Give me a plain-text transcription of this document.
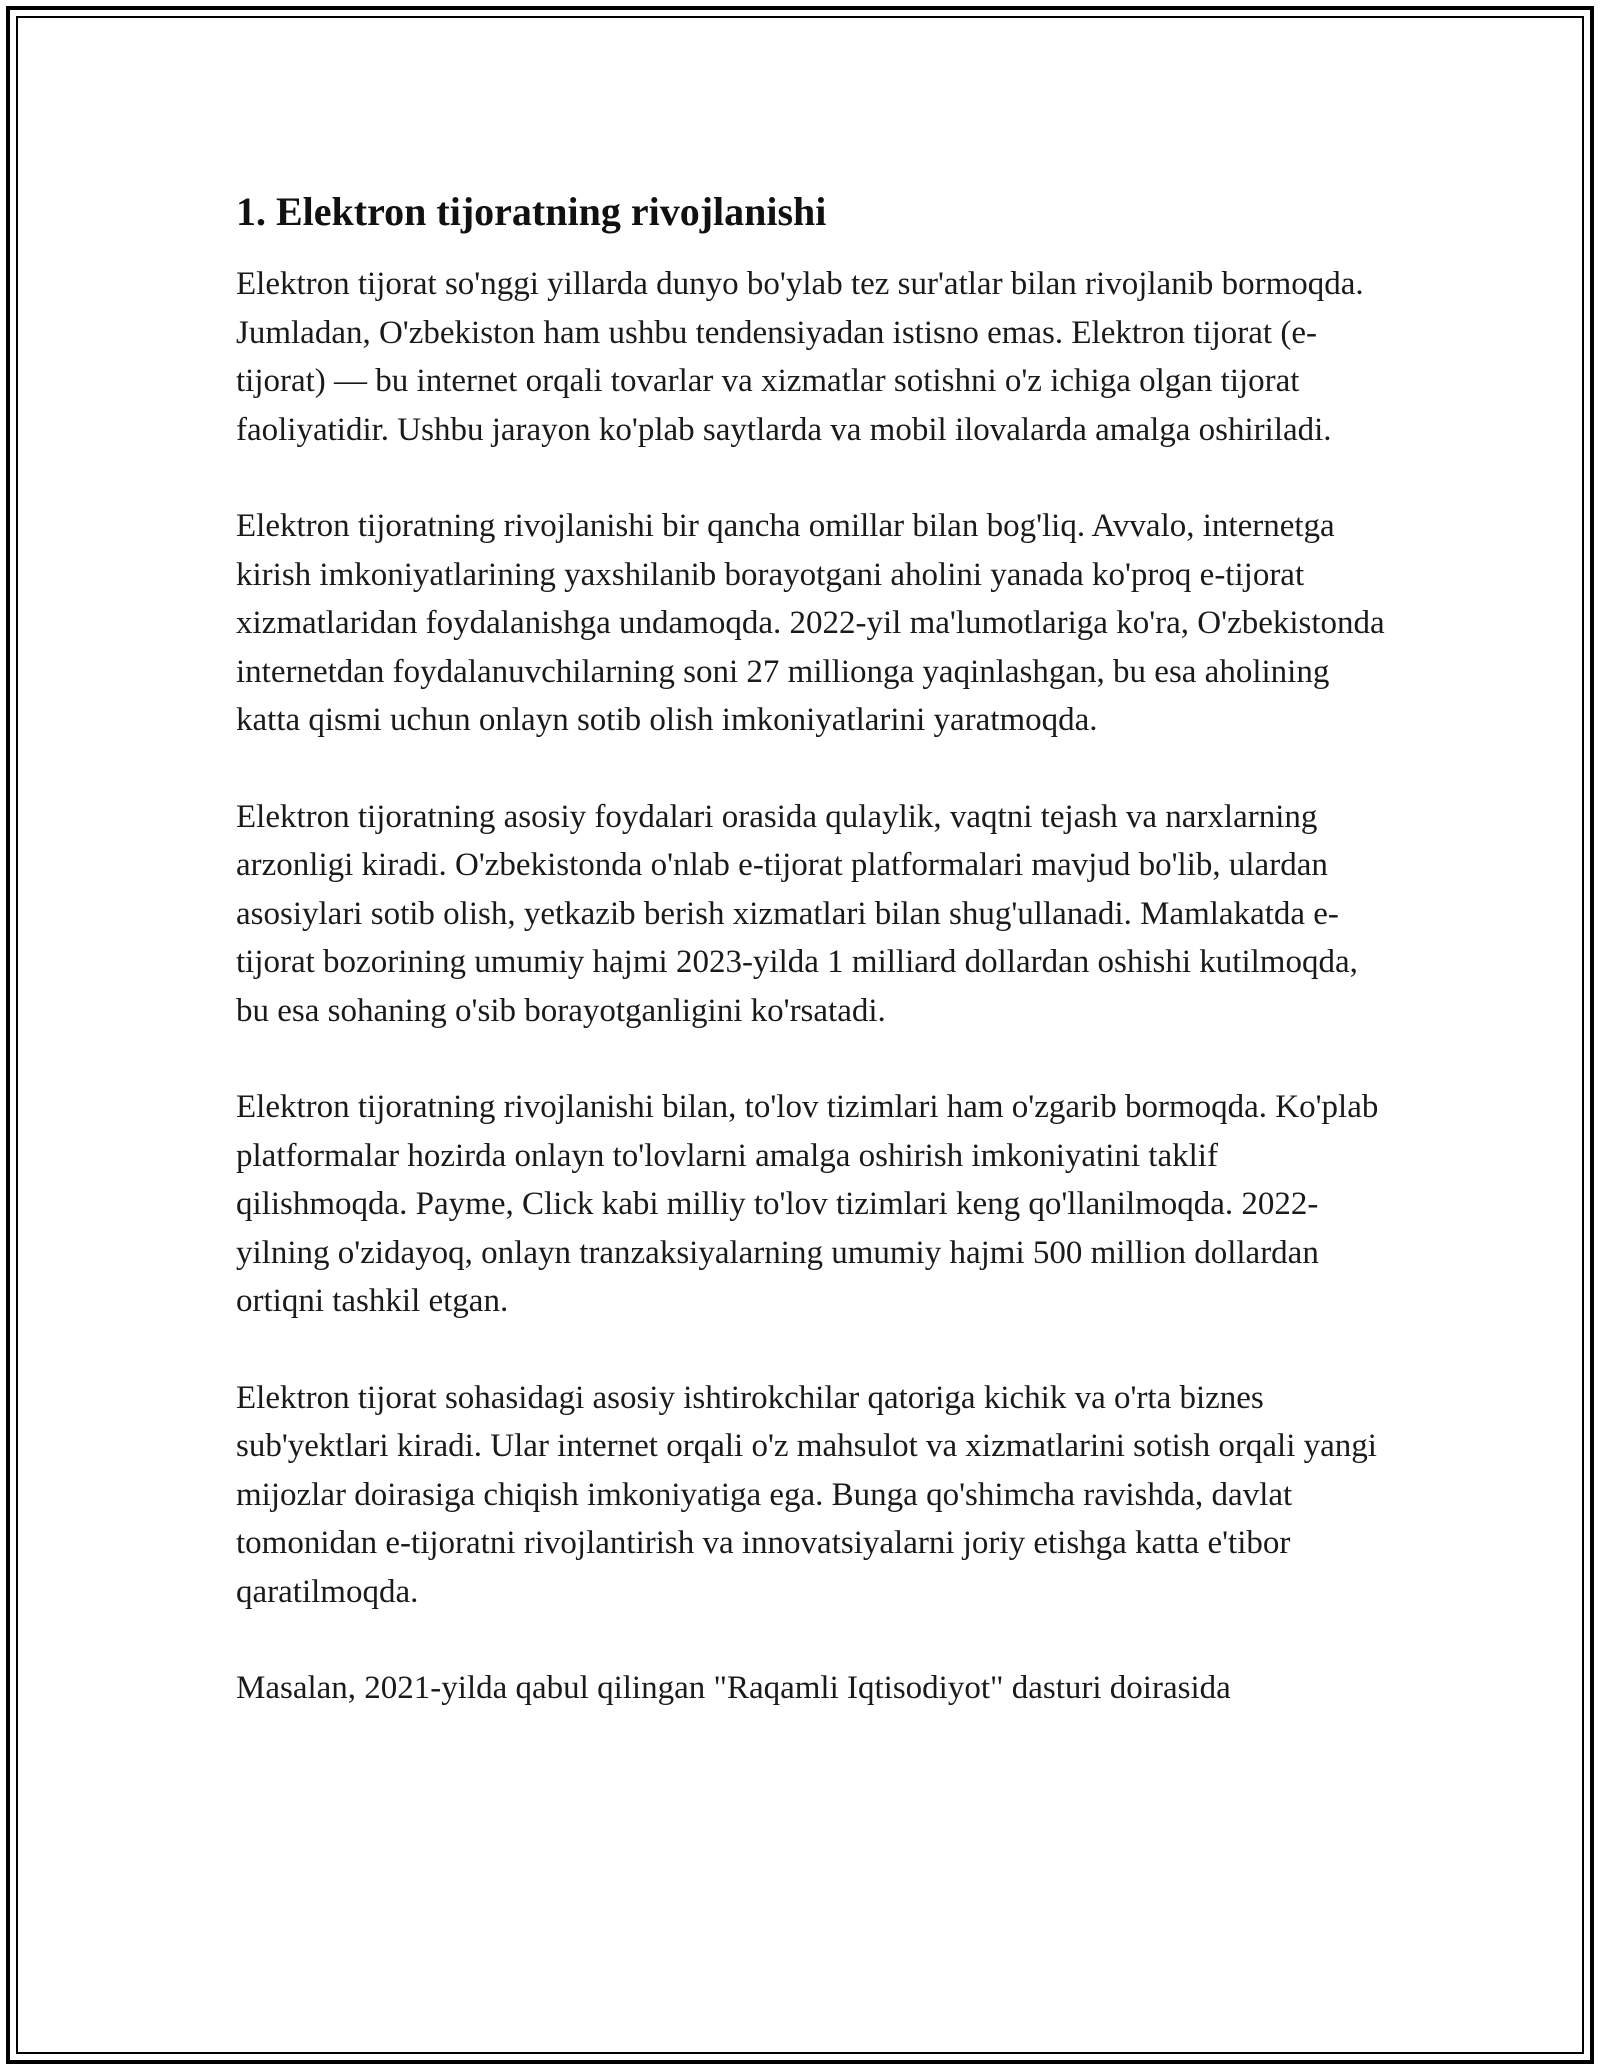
1. Elektron tijoratning rivojlanishi

Elektron tijorat so'nggi yillarda dunyo bo'ylab tez sur'atlar bilan rivojlanib bormoqda. Jumladan, O'zbekiston ham ushbu tendensiyadan istisno emas. Elektron tijorat (e-tijorat) — bu internet orqali tovarlar va xizmatlar sotishni o'z ichiga olgan tijorat faoliyatidir. Ushbu jarayon ko'plab saytlarda va mobil ilovalarda amalga oshiriladi.

Elektron tijoratning rivojlanishi bir qancha omillar bilan bog'liq. Avvalo, internetga kirish imkoniyatlarining yaxshilanib borayotgani aholini yanada ko'proq e-tijorat xizmatlaridan foydalanishga undamoqda. 2022-yil ma'lumotlariga ko'ra, O'zbekistonda internetdan foydalanuvchilarning soni 27 millionga yaqinlashgan, bu esa aholining katta qismi uchun onlayn sotib olish imkoniyatlarini yaratmoqda.

Elektron tijoratning asosiy foydalari orasida qulaylik, vaqtni tejash va narxlarning arzonligi kiradi. O'zbekistonda o'nlab e-tijorat platformalari mavjud bo'lib, ulardan asosiylari sotib olish, yetkazib berish xizmatlari bilan shug'ullanadi. Mamlakatda e-tijorat bozorining umumiy hajmi 2023-yilda 1 milliard dollardan oshishi kutilmoqda, bu esa sohaning o'sib borayotganligini ko'rsatadi.

Elektron tijoratning rivojlanishi bilan, to'lov tizimlari ham o'zgarib bormoqda. Ko'plab platformalar hozirda onlayn to'lovlarni amalga oshirish imkoniyatini taklif qilishmoqda. Payme, Click kabi milliy to'lov tizimlari keng qo'llanilmoqda. 2022-yilning o'zidayoq, onlayn tranzaksiyalarning umumiy hajmi 500 million dollardan ortiqni tashkil etgan.

Elektron tijorat sohasidagi asosiy ishtirokchilar qatoriga kichik va o'rta biznes sub'yektlari kiradi. Ular internet orqali o'z mahsulot va xizmatlarini sotish orqali yangi mijozlar doirasiga chiqish imkoniyatiga ega. Bunga qo'shimcha ravishda, davlat tomonidan e-tijoratni rivojlantirish va innovatsiyalarni joriy etishga katta e'tibor qaratilmoqda.

Masalan, 2021-yilda qabul qilingan "Raqamli Iqtisodiyot" dasturi doirasida
